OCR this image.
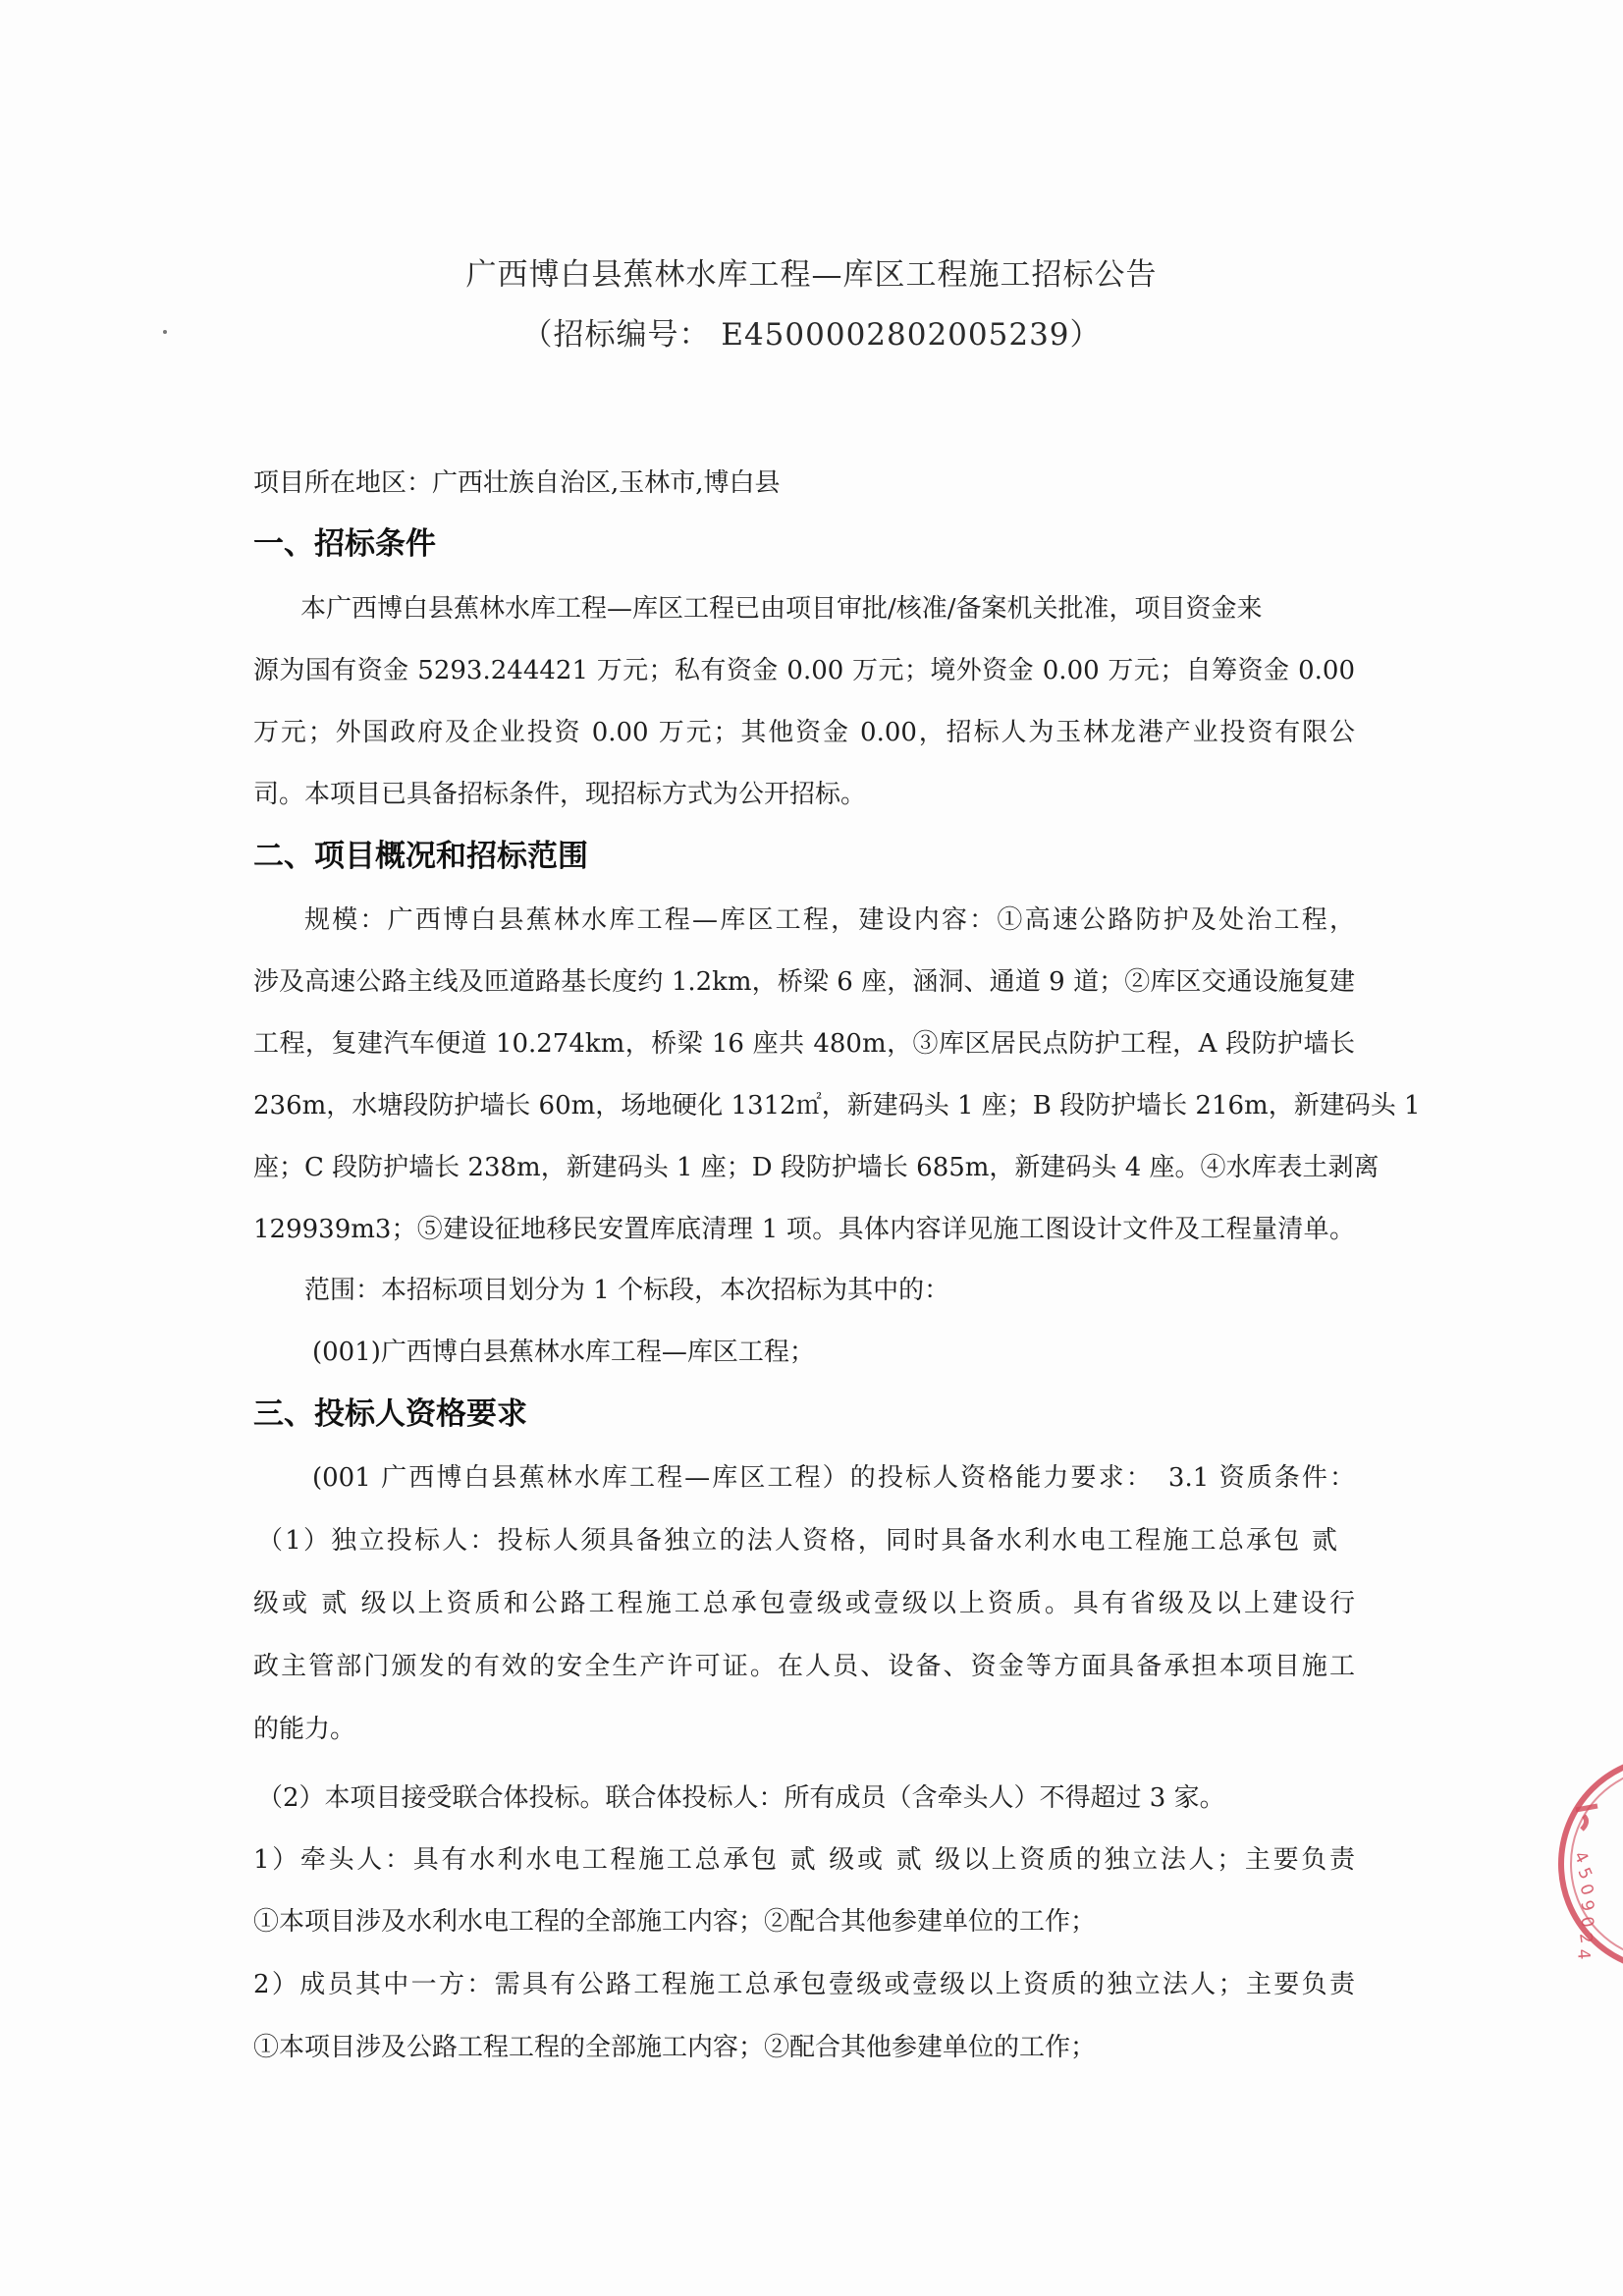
广西博白县蕉林水库工程—库区工程施工招标公告
（招标编号： E4500002802005239）
项目所在地区：广西壮族自治区,玉林市,博白县
一、招标条件
本广西博白县蕉林水库工程—库区工程已由项目审批/核准/备案机关批准，项目资金来
源为国有资金 5293.244421 万元；私有资金 0.00 万元；境外资金 0.00 万元；自筹资金 0.00
万元；外国政府及企业投资 0.00 万元；其他资金 0.00，招标人为玉林龙港产业投资有限公
司。本项目已具备招标条件，现招标方式为公开招标。
二、项目概况和招标范围
规模：广西博白县蕉林水库工程—库区工程，建设内容：①高速公路防护及处治工程，
涉及高速公路主线及匝道路基长度约 1.2km，桥梁 6 座，涵洞、通道 9 道；②库区交通设施复建
工程，复建汽车便道 10.274km，桥梁 16 座共 480m，③库区居民点防护工程，A 段防护墙长
236m，水塘段防护墙长 60m，场地硬化 1312㎡，新建码头 1 座；B 段防护墙长 216m，新建码头 1
座；C 段防护墙长 238m，新建码头 1 座；D 段防护墙长 685m，新建码头 4 座。④水库表土剥离
129939m3；⑤建设征地移民安置库底清理 1 项。具体内容详见施工图设计文件及工程量清单。
范围：本招标项目划分为 1 个标段，本次招标为其中的：
(001)广西博白县蕉林水库工程—库区工程；
三、投标人资格要求
(001 广西博白县蕉林水库工程—库区工程）的投标人资格能力要求：　3.1 资质条件：
（1）独立投标人：投标人须具备独立的法人资格，同时具备水利水电工程施工总承包 贰
级或 贰 级以上资质和公路工程施工总承包壹级或壹级以上资质。具有省级及以上建设行
政主管部门颁发的有效的安全生产许可证。在人员、设备、资金等方面具备承担本项目施工
的能力。
（2）本项目接受联合体投标。联合体投标人：所有成员（含牵头人）不得超过 3 家。
1）牵头人：具有水利水电工程施工总承包 贰 级或 贰 级以上资质的独立法人；主要负责
①本项目涉及水利水电工程的全部施工内容；②配合其他参建单位的工作；
2）成员其中一方：需具有公路工程施工总承包壹级或壹级以上资质的独立法人；主要负责
①本项目涉及公路工程工程的全部施工内容；②配合其他参建单位的工作；
4
5
0
9
0
2
4
